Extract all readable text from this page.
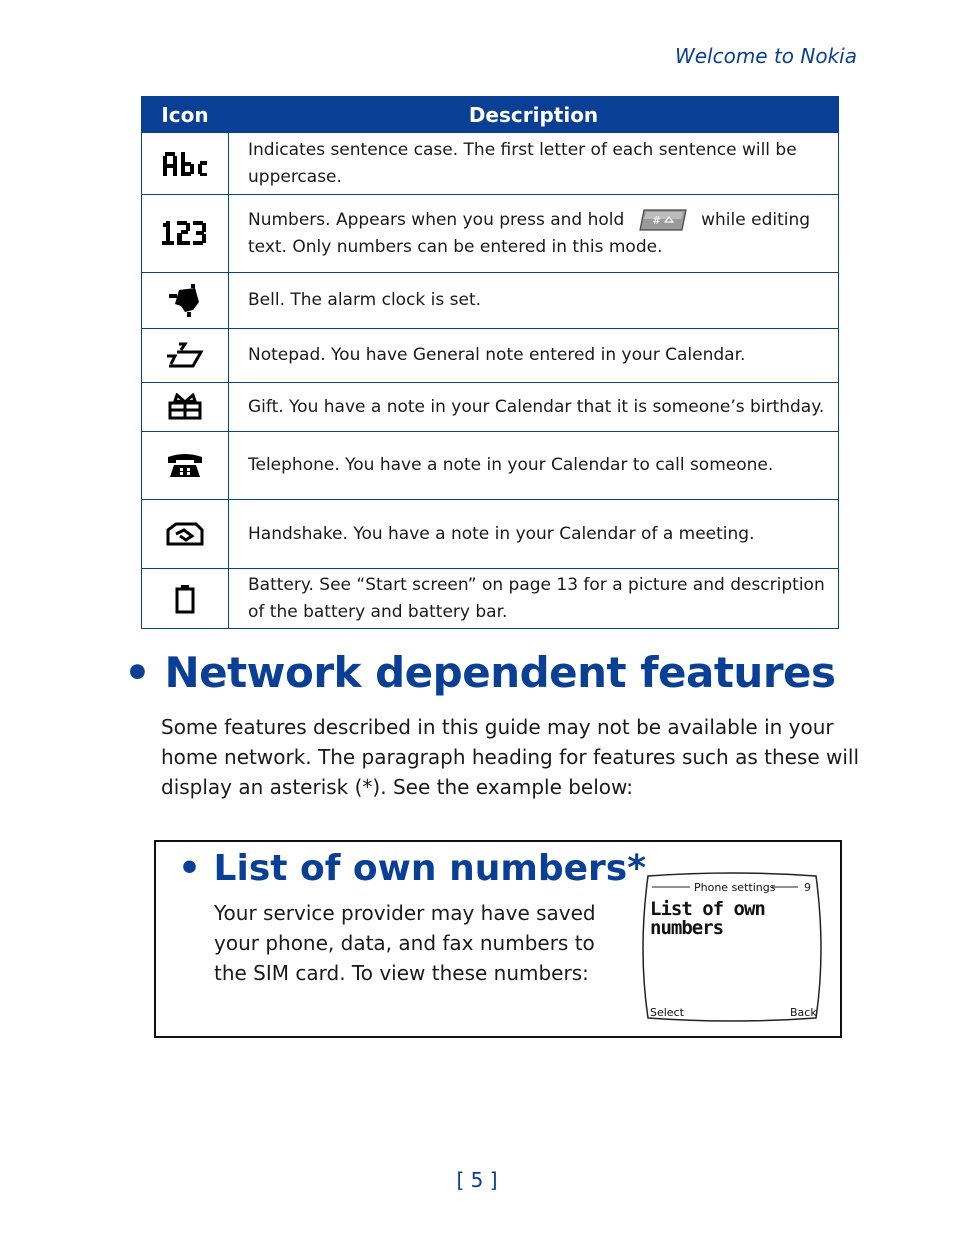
Welcome to Nokia
Icon	Description
	Indicates sentence case. The first letter of each sentence will be uppercase.
	Numbers. Appears when you press and hold # while editing text. Only numbers can be entered in this mode.
	Bell. The alarm clock is set.
	Notepad. You have General note entered in your Calendar.
	Gift. You have a note in your Calendar that it is someone’s birthday.
	Telephone. You have a note in your Calendar to call someone.
	Handshake. You have a note in your Calendar of a meeting.
	Battery. See “Start screen” on page 13 for a picture and description of the battery and battery bar.
• Network dependent features

Some features described in this guide may not be available in your home network. The paragraph heading for features such as these will display an asterisk (*). See the example below:

• List of own numbers*

Your service provider may have saved your phone, data, and fax numbers to the SIM card. To view these numbers:

Phone settings	9
List of own
numbers
Select	Back
[ 5 ]
